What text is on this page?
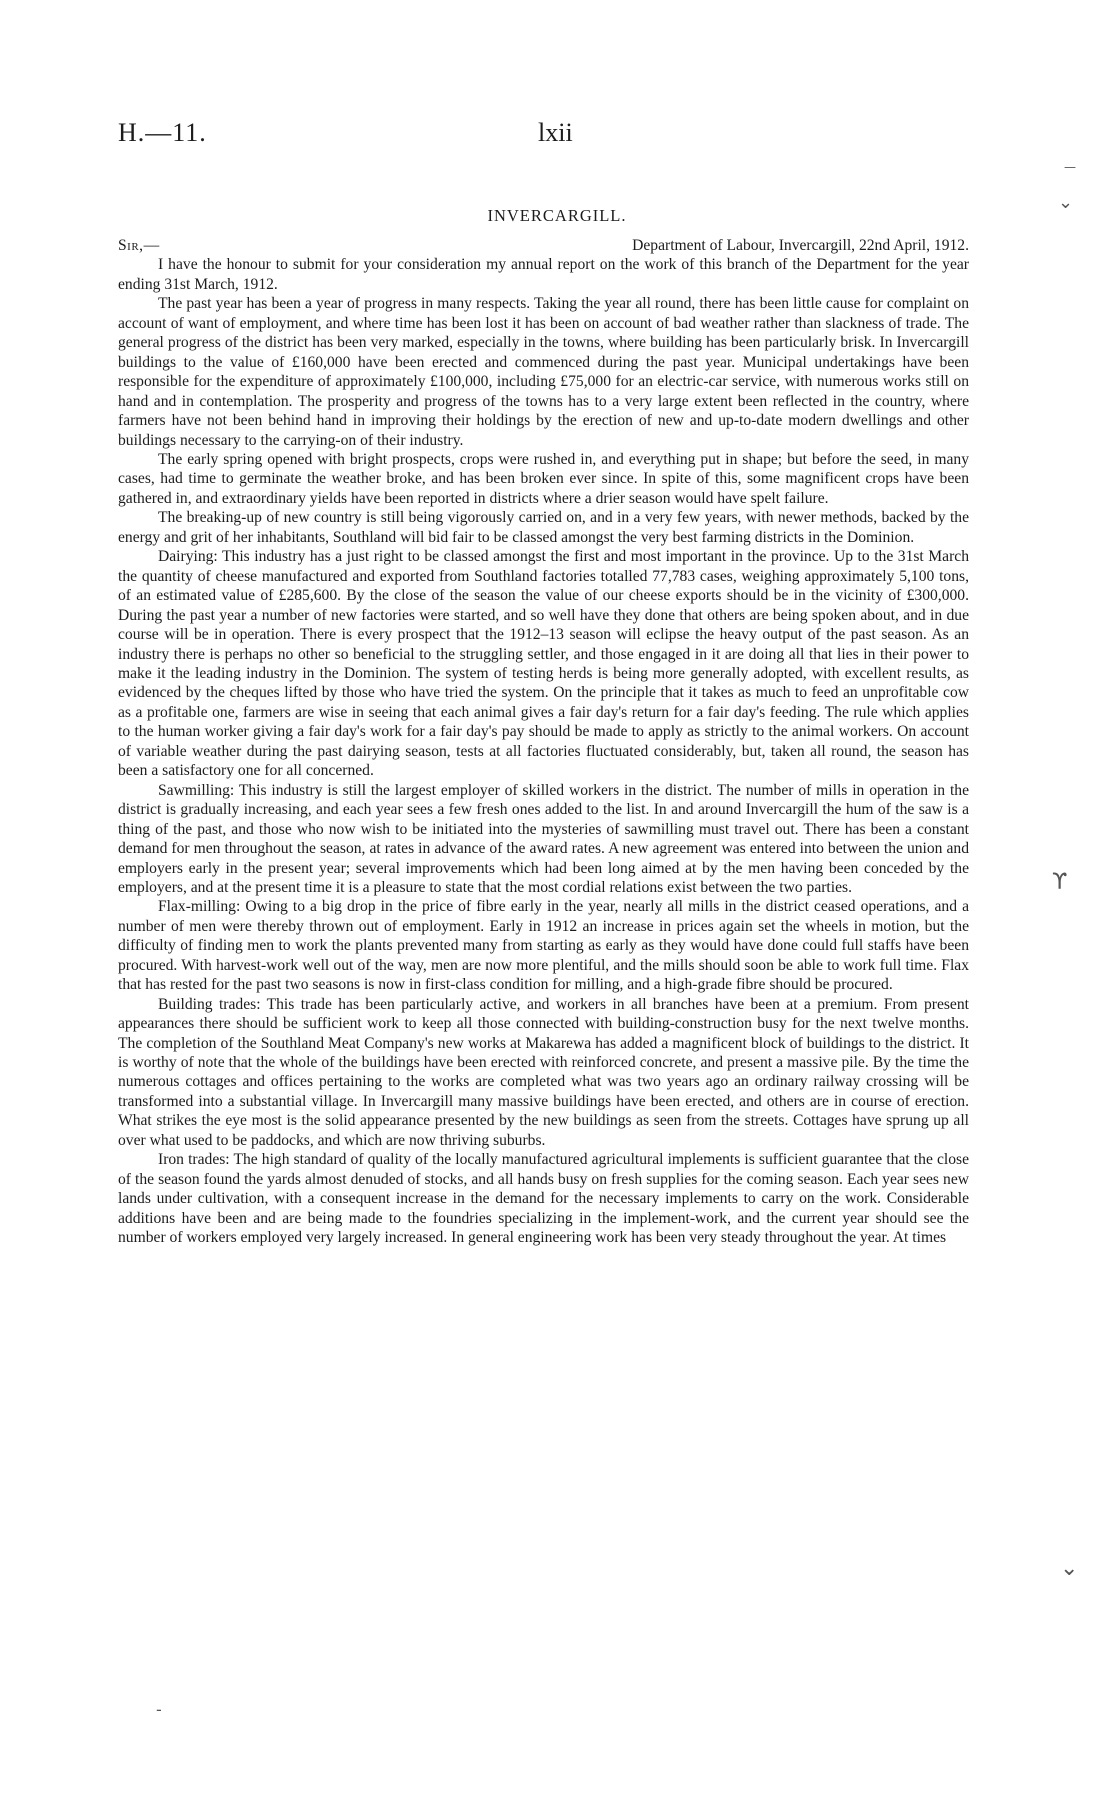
H.—11.	lxii
INVERCARGILL.
Sir,—	Department of Labour, Invercargill, 22nd April, 1912.

I have the honour to submit for your consideration my annual report on the work of this branch of the Department for the year ending 31st March, 1912.

The past year has been a year of progress in many respects. Taking the year all round, there has been little cause for complaint on account of want of employment, and where time has been lost it has been on account of bad weather rather than slackness of trade. The general progress of the district has been very marked, especially in the towns, where building has been particularly brisk. In Invercargill buildings to the value of £160,000 have been erected and commenced during the past year. Municipal undertakings have been responsible for the expenditure of approximately £100,000, including £75,000 for an electric-car service, with numerous works still on hand and in contemplation. The prosperity and progress of the towns has to a very large extent been reflected in the country, where farmers have not been behind hand in improving their holdings by the erection of new and up-to-date modern dwellings and other buildings necessary to the carrying-on of their industry.

The early spring opened with bright prospects, crops were rushed in, and everything put in shape; but before the seed, in many cases, had time to germinate the weather broke, and has been broken ever since. In spite of this, some magnificent crops have been gathered in, and extraordinary yields have been reported in districts where a drier season would have spelt failure.

The breaking-up of new country is still being vigorously carried on, and in a very few years, with newer methods, backed by the energy and grit of her inhabitants, Southland will bid fair to be classed amongst the very best farming districts in the Dominion.

Dairying: This industry has a just right to be classed amongst the first and most important in the province. Up to the 31st March the quantity of cheese manufactured and exported from Southland factories totalled 77,783 cases, weighing approximately 5,100 tons, of an estimated value of £285,600. By the close of the season the value of our cheese exports should be in the vicinity of £300,000. During the past year a number of new factories were started, and so well have they done that others are being spoken about, and in due course will be in operation. There is every prospect that the 1912–13 season will eclipse the heavy output of the past season. As an industry there is perhaps no other so beneficial to the struggling settler, and those engaged in it are doing all that lies in their power to make it the leading industry in the Dominion. The system of testing herds is being more generally adopted, with excellent results, as evidenced by the cheques lifted by those who have tried the system. On the principle that it takes as much to feed an unprofitable cow as a profitable one, farmers are wise in seeing that each animal gives a fair day's return for a fair day's feeding. The rule which applies to the human worker giving a fair day's work for a fair day's pay should be made to apply as strictly to the animal workers. On account of variable weather during the past dairying season, tests at all factories fluctuated considerably, but, taken all round, the season has been a satisfactory one for all concerned.

Sawmilling: This industry is still the largest employer of skilled workers in the district. The number of mills in operation in the district is gradually increasing, and each year sees a few fresh ones added to the list. In and around Invercargill the hum of the saw is a thing of the past, and those who now wish to be initiated into the mysteries of sawmilling must travel out. There has been a constant demand for men throughout the season, at rates in advance of the award rates. A new agreement was entered into between the union and employers early in the present year; several improvements which had been long aimed at by the men having been conceded by the employers, and at the present time it is a pleasure to state that the most cordial relations exist between the two parties.

Flax-milling: Owing to a big drop in the price of fibre early in the year, nearly all mills in the district ceased operations, and a number of men were thereby thrown out of employment. Early in 1912 an increase in prices again set the wheels in motion, but the difficulty of finding men to work the plants prevented many from starting as early as they would have done could full staffs have been procured. With harvest-work well out of the way, men are now more plentiful, and the mills should soon be able to work full time. Flax that has rested for the past two seasons is now in first-class condition for milling, and a high-grade fibre should be procured.

Building trades: This trade has been particularly active, and workers in all branches have been at a premium. From present appearances there should be sufficient work to keep all those connected with building-construction busy for the next twelve months. The completion of the Southland Meat Company's new works at Makarewa has added a magnificent block of buildings to the district. It is worthy of note that the whole of the buildings have been erected with reinforced concrete, and present a massive pile. By the time the numerous cottages and offices pertaining to the works are completed what was two years ago an ordinary railway crossing will be transformed into a substantial village. In Invercargill many massive buildings have been erected, and others are in course of erection. What strikes the eye most is the solid appearance presented by the new buildings as seen from the streets. Cottages have sprung up all over what used to be paddocks, and which are now thriving suburbs.

Iron trades: The high standard of quality of the locally manufactured agricultural implements is sufficient guarantee that the close of the season found the yards almost denuded of stocks, and all hands busy on fresh supplies for the coming season. Each year sees new lands under cultivation, with a consequent increase in the demand for the necessary implements to carry on the work. Considerable additions have been and are being made to the foundries specializing in the implement-work, and the current year should see the number of workers employed very largely increased. In general engineering work has been very steady throughout the year. At times

—
⌄
ϒ
⌄
-
